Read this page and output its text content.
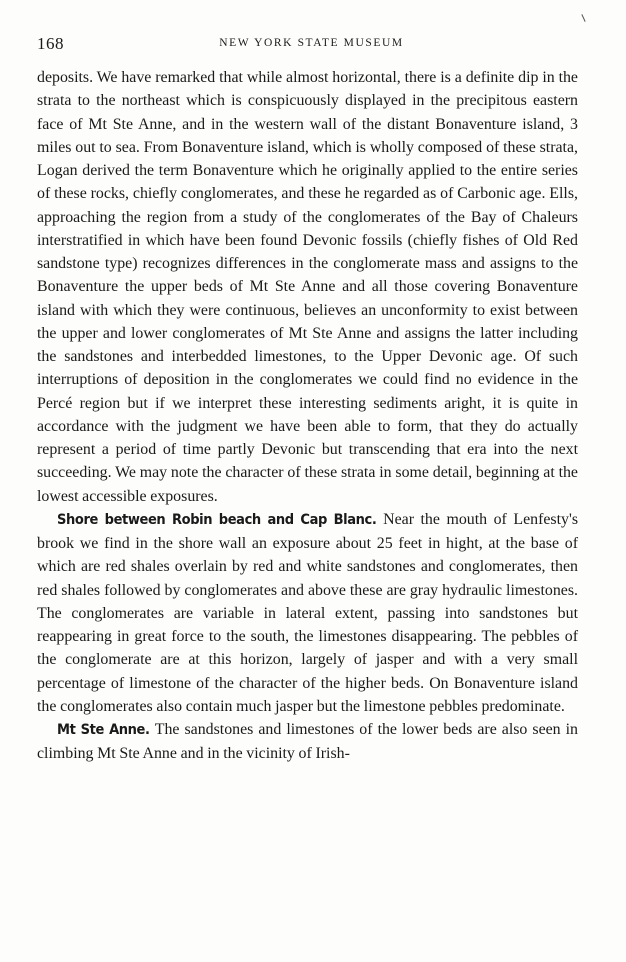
168	NEW YORK STATE MUSEUM

deposits. We have remarked that while almost horizontal, there is a definite dip in the strata to the northeast which is conspicuously displayed in the precipitous eastern face of Mt Ste Anne, and in the western wall of the distant Bonaventure island, 3 miles out to sea. From Bonaventure island, which is wholly composed of these strata, Logan derived the term Bonaventure which he originally applied to the entire series of these rocks, chiefly conglomerates, and these he regarded as of Carbonic age. Ells, approaching the region from a study of the conglomerates of the Bay of Chaleurs interstratified in which have been found Devonic fossils (chiefly fishes of Old Red sandstone type) recognizes differences in the conglomerate mass and assigns to the Bonaventure the upper beds of Mt Ste Anne and all those covering Bonaventure island with which they were continuous, believes an unconformity to exist between the upper and lower conglomerates of Mt Ste Anne and assigns the latter including the sandstones and interbedded limestones, to the Upper Devonic age. Of such interruptions of deposition in the conglomerates we could find no evidence in the Percé region but if we interpret these interesting sediments aright, it is quite in accordance with the judgment we have been able to form, that they do actually represent a period of time partly Devonic but transcending that era into the next succeeding. We may note the character of these strata in some detail, beginning at the lowest accessible exposures.

Shore between Robin beach and Cap Blanc. Near the mouth of Lenfesty's brook we find in the shore wall an exposure about 25 feet in hight, at the base of which are red shales overlain by red and white sandstones and conglomerates, then red shales followed by conglomerates and above these are gray hydraulic limestones. The conglomerates are variable in lateral extent, passing into sandstones but reappearing in great force to the south, the limestones disappearing. The pebbles of the conglomerate are at this horizon, largely of jasper and with a very small percentage of limestone of the character of the higher beds. On Bonaventure island the conglomerates also contain much jasper but the limestone pebbles predominate.

Mt Ste Anne. The sandstones and limestones of the lower beds are also seen in climbing Mt Ste Anne and in the vicinity of Irish-
